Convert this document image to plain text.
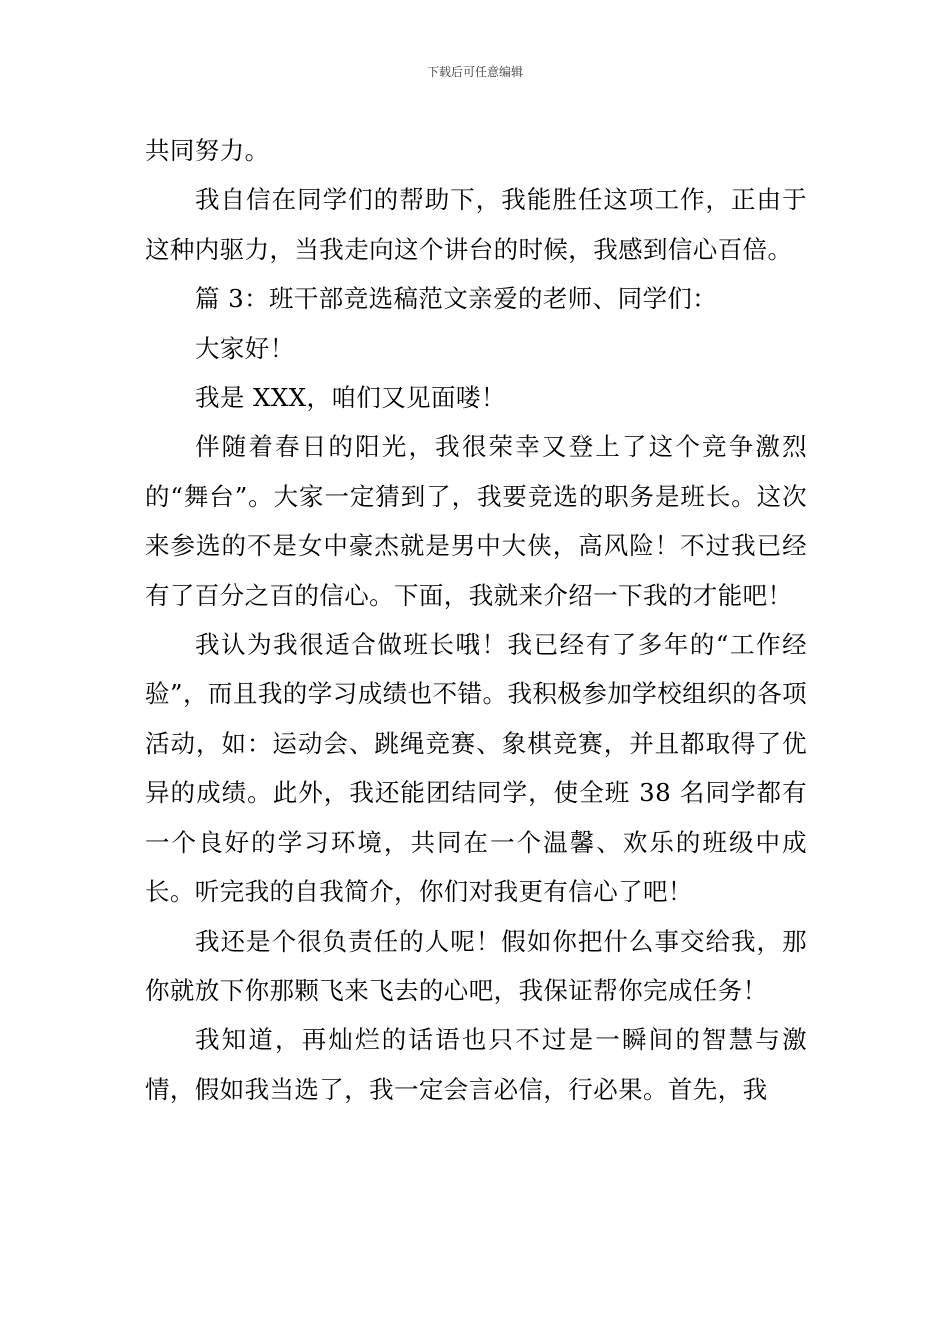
下载后可任意编辑

共同努力。

我自信在同学们的帮助下，我能胜任这项工作，正由于这种内驱力，当我走向这个讲台的时候，我感到信心百倍。

篇 3：班干部竞选稿范文亲爱的老师、同学们：

大家好！

我是 XXX，咱们又见面喽！

伴随着春日的阳光，我很荣幸又登上了这个竞争激烈的“舞台”。大家一定猜到了，我要竞选的职务是班长。这次来参选的不是女中豪杰就是男中大侠，高风险！不过我已经有了百分之百的信心。下面，我就来介绍一下我的才能吧！

我认为我很适合做班长哦！我已经有了多年的“工作经验”，而且我的学习成绩也不错。我积极参加学校组织的各项活动，如：运动会、跳绳竞赛、象棋竞赛，并且都取得了优异的成绩。此外，我还能团结同学，使全班 38 名同学都有一个良好的学习环境，共同在一个温馨、欢乐的班级中成长。听完我的自我简介，你们对我更有信心了吧！

我还是个很负责任的人呢！假如你把什么事交给我，那你就放下你那颗飞来飞去的心吧，我保证帮你完成任务！

我知道，再灿烂的话语也只不过是一瞬间的智慧与激情，假如我当选了，我一定会言必信，行必果。首先，我
